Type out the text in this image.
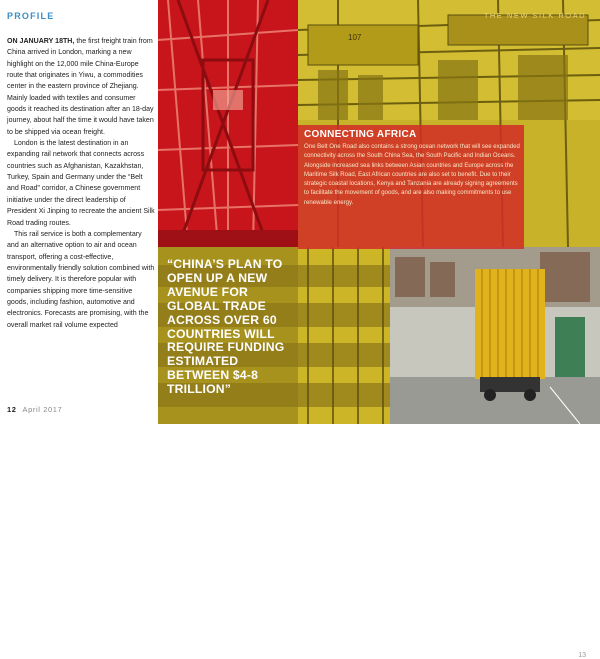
PROFILE

ON JANUARY 18TH, the first freight train from China arrived in London, marking a new highlight on the 12,000 mile China-Europe route that originates in Yiwu, a commodities center in the eastern province of Zhejiang. Mainly loaded with textiles and consumer goods it reached its destination after an 18-day journey, about half the time it would have taken to be shipped via ocean freight.

London is the latest destination in an expanding rail network that connects across countries such as Afghanistan, Kazakhstan, Turkey, Spain and Germany under the “Belt and Road” corridor, a Chinese government initiative under the direct leadership of President Xi Jinping to recreate the ancient Silk Road trading routes.

This rail service is both a complementary and an alternative option to air and ocean transport, offering a cost-effective, environmentally friendly solution combined with timely delivery. It is therefore popular with companies shipping more time-sensitive goods, including fashion, automotive and electronics. Forecasts are promising, with the overall market rail volume expected

12 April 2017
107
THE NEW SILK ROAD
13
CONNECTING AFRICA
One Belt One Road also contains a strong ocean network that will see expanded connectivity across the South China Sea, the South Pacific and Indian Oceans. Alongside increased sea links between Asian countries and Europe across the Maritime Silk Road, East African countries are also set to benefit. Due to their strategic coastal locations, Kenya and Tanzania are already signing agreements to facilitate the movement of goods, and are also making commitments to use renewable energy.
“CHINA’S PLAN TO OPEN UP A NEW AVENUE FOR GLOBAL TRADE ACROSS OVER 60 COUNTRIES WILL REQUIRE FUNDING ESTIMATED BETWEEN $4-8 TRILLION”
